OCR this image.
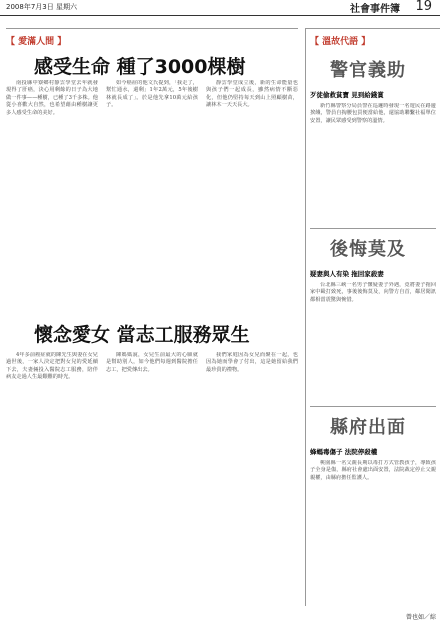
2008年7月3日 星期六	社會事件簿 19
【 愛滿人間 】
感受生命 種了3000棵樹

南投縣中寮鄉村靜雲學堂去年就發現得了肝癌，決心用剩餘的日子為大地做一件事——種樹，已種了3千多株。他從小喜歡大自然，也希望藉由種樹讓更多人感受生命的美好。

如今癌症的他文氏提到，「我走了，幫忙通水，還剩」1年2萬元，5年後樹林就長成了」。於是他先拿10萬元給孩子。

靜雲學堂成立後，新的生命能量也與孩子們一起成長，雖然病情不斷惡化，但他仍堅持每天到山上照顧樹苗，讓林木一天天長大。

懷念愛女 當志工服務眾生

4年多前癌症就的陳先生與妻在女兒過世後，一家人決定把對女兒的愛延續下去，夫妻倆投入醫院志工服務，陪伴病友走過人生最艱難的時光。

陳媽媽說，女兒生前最大的心願就是幫助別人，如今他們每週到醫院擔任志工，把愛傳出去。

我們家庭因為女兒而聚在一起，也因為她而學會了付出，這是她留給我們最珍貴的禮物。

【 溫故代語 】
警官義助
歹徒偷救貧寶 見到給錢賞

新竹縣警察分局員警在巡邏時發現一名遊民在路邊挨餓，警員自掏腰包買便當給他，還協助聯繫社福單位安置，讓民眾感受到警察的溫情。

後悔莫及
疑妻與人有染 拖回家殺妻

台北縣三峽一名男子懷疑妻子外遇，竟將妻子拖回家中毆打致死，事後後悔莫及，向警方自首，鄰居聞訊都相當震驚與惋惜。

縣府出面
蜂螞毒傷子 法院停殺權

桃園縣一名父親長期以毒打方式管教孩子，導致孩子全身是傷，縣府社會處出面安置，法院裁定停止父親親權，由縣府擔任監護人。

曾也如／綜
